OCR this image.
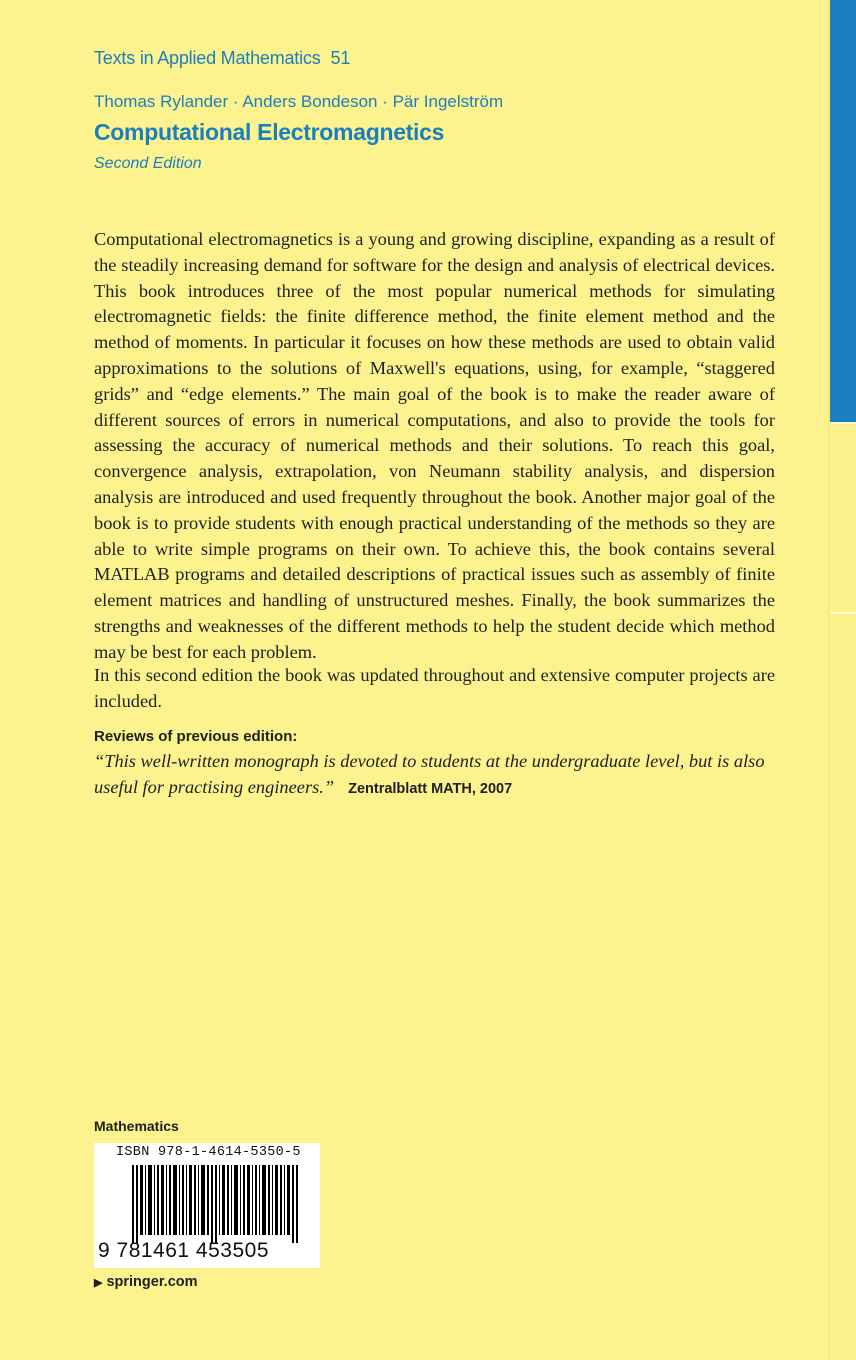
Texts in Applied Mathematics 51
Thomas Rylander · Anders Bondeson · Pär Ingelström
Computational Electromagnetics
Second Edition

Computational electromagnetics is a young and growing discipline, expanding as a result of the steadily increasing demand for software for the design and analysis of electrical devices. This book introduces three of the most popular numerical methods for simulating electromagnetic fields: the finite difference method, the finite element method and the method of moments. In particular it focuses on how these methods are used to obtain valid approximations to the solutions of Maxwell's equations, using, for example, “staggered grids” and “edge elements.” The main goal of the book is to make the reader aware of different sources of errors in numerical computations, and also to provide the tools for assessing the accuracy of numerical methods and their solutions. To reach this goal, convergence analysis, extrapolation, von Neumann stability analysis, and dispersion analysis are introduced and used frequently throughout the book. Another major goal of the book is to provide students with enough practical understanding of the methods so they are able to write simple programs on their own. To achieve this, the book contains several MATLAB programs and detailed descriptions of practical issues such as assembly of finite element matrices and handling of unstructured meshes. Finally, the book summarizes the strengths and weaknesses of the different methods to help the student decide which method may be best for each problem.

In this second edition the book was updated throughout and extensive computer projects are included.

Reviews of previous edition:

“This well-written monograph is devoted to students at the undergraduate level, but is also useful for practising engineers.” Zentralblatt MATH, 2007

Mathematics
ISBN 978-1-4614-5350-5
9 781461 453505
▶ springer.com
